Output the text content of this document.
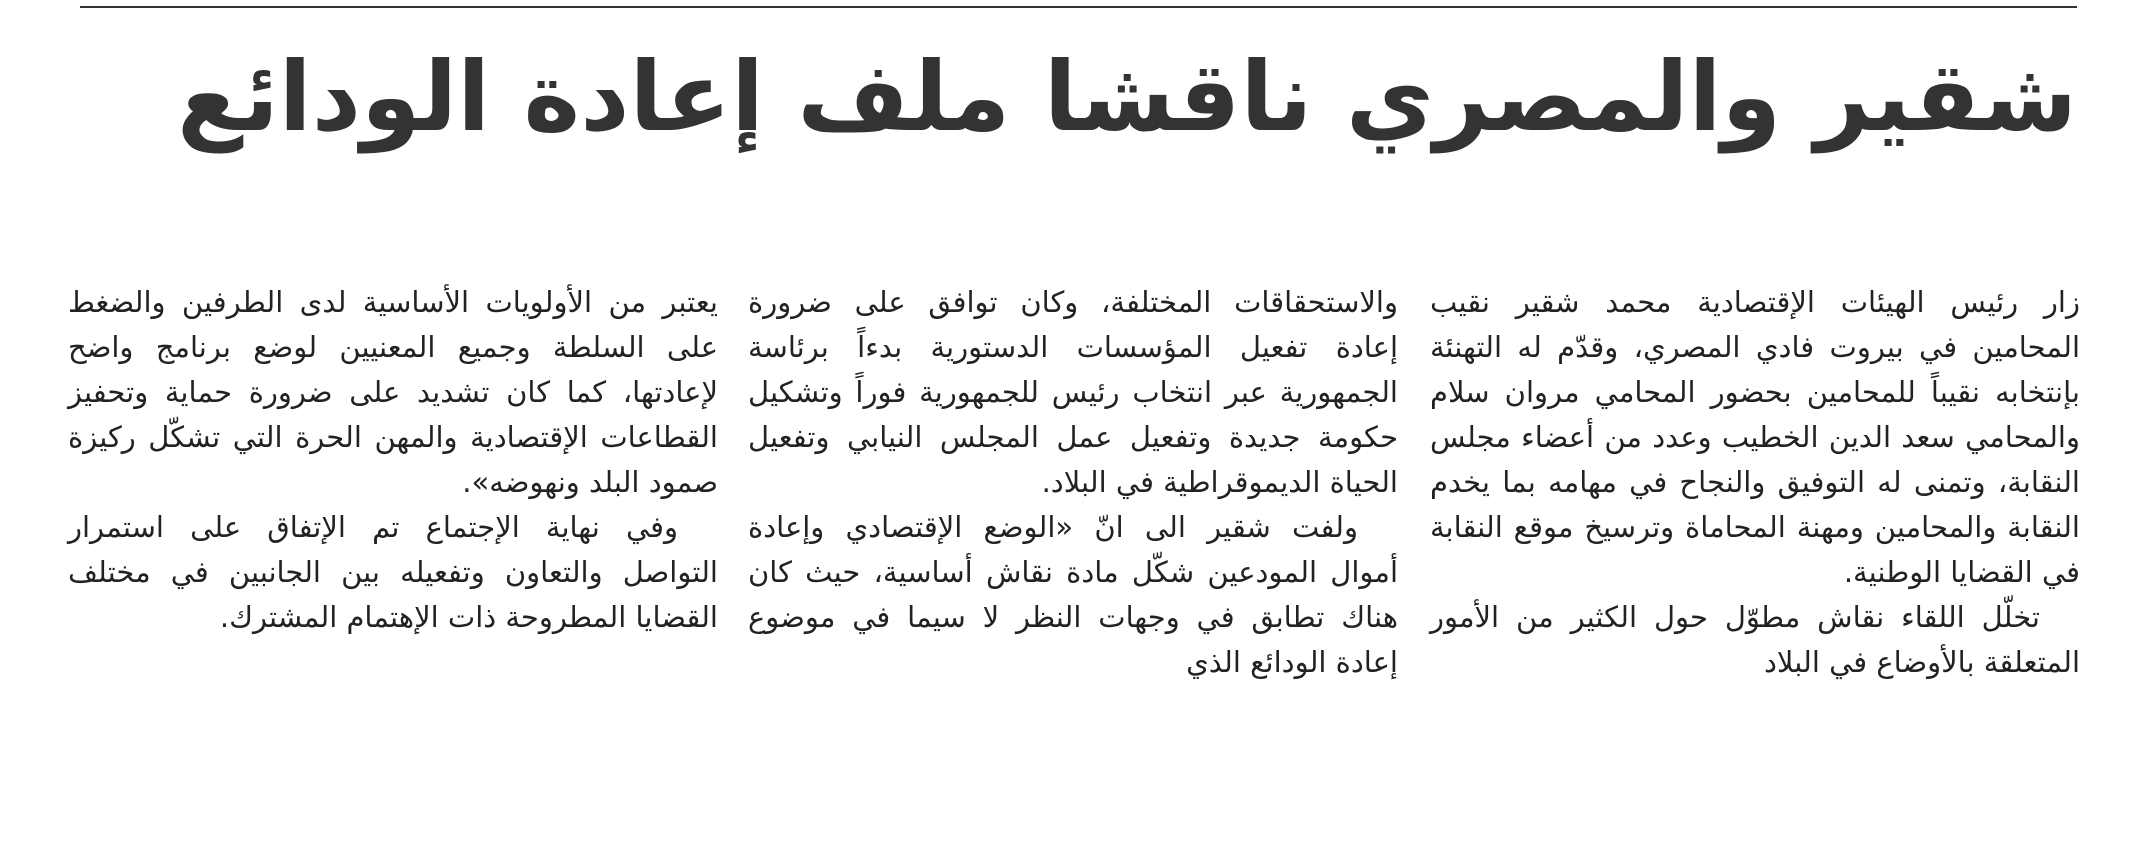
شقير والمصري ناقشا ملف إعادة الودائع

زار رئيس الهيئات الإقتصادية محمد شقير نقيب المحامين في بيروت فادي المصري، وقدّم له التهنئة بإنتخابه نقيباً للمحامين بحضور المحامي مروان سلام والمحامي سعد الدين الخطيب وعدد من أعضاء مجلس النقابة، وتمنى له التوفيق والنجاح في مهامه بما يخدم النقابة والمحامين ومهنة المحاماة وترسيخ موقع النقابة في القضايا الوطنية.

تخلّل اللقاء نقاش مطوّل حول الكثير من الأمور المتعلقة بالأوضاع في البلاد

والاستحقاقات المختلفة، وكان توافق على ضرورة إعادة تفعيل المؤسسات الدستورية بدءاً برئاسة الجمهورية عبر انتخاب رئيس للجمهورية فوراً وتشكيل حكومة جديدة وتفعيل عمل المجلس النيابي وتفعيل الحياة الديموقراطية في البلاد.

ولفت شقير الى انّ «الوضع الإقتصادي وإعادة أموال المودعين شكّل مادة نقاش أساسية، حيث كان هناك تطابق في وجهات النظر لا سيما في موضوع إعادة الودائع الذي

يعتبر من الأولويات الأساسية لدى الطرفين والضغط على السلطة وجميع المعنيين لوضع برنامج واضح لإعادتها، كما كان تشديد على ضرورة حماية وتحفيز القطاعات الإقتصادية والمهن الحرة التي تشكّل ركيزة صمود البلد ونهوضه».

وفي نهاية الإجتماع تم الإتفاق على استمرار التواصل والتعاون وتفعيله بين الجانبين في مختلف القضايا المطروحة ذات الإهتمام المشترك.
